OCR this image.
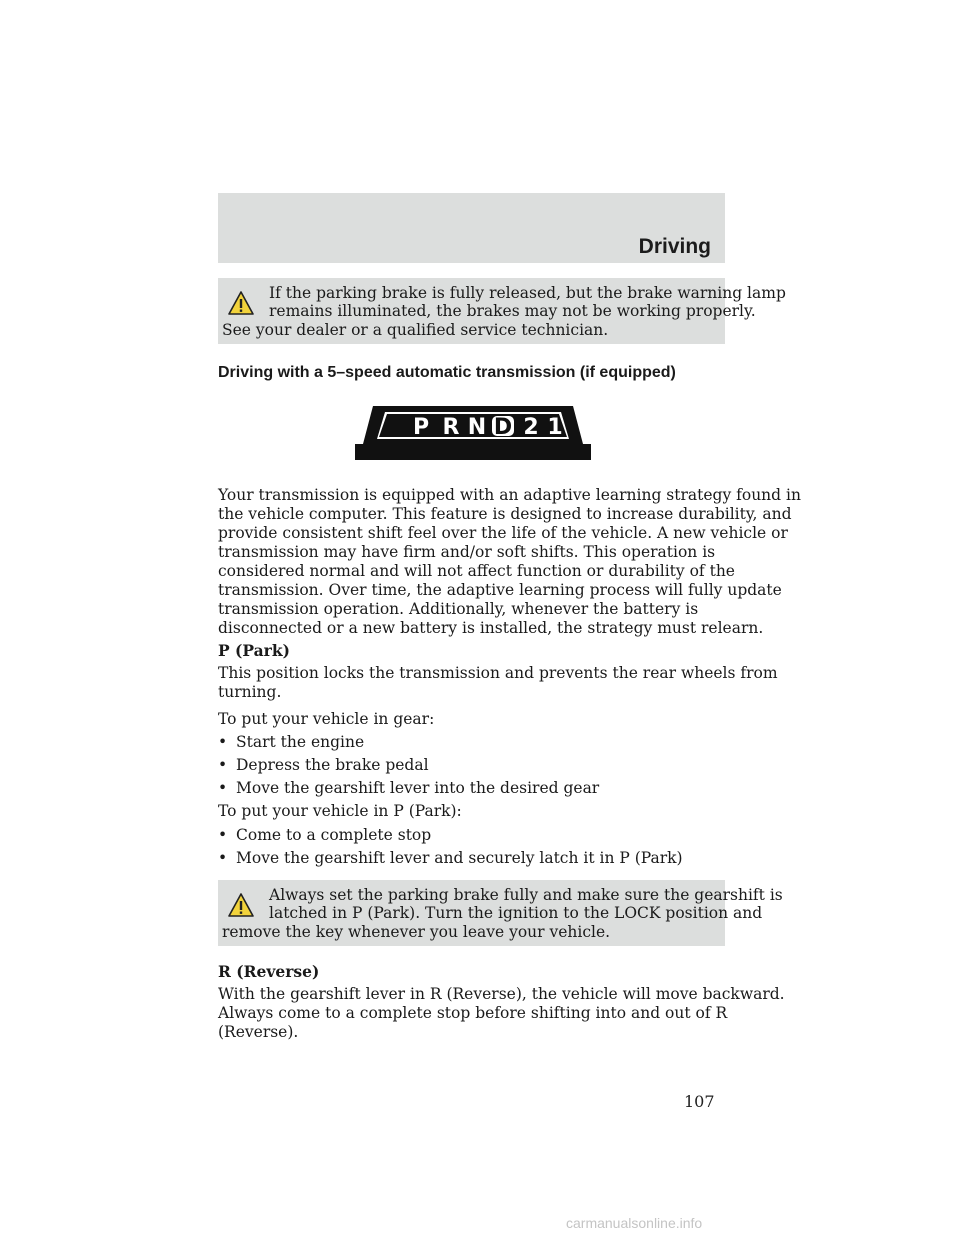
Driving
If the parking brake is fully released, but the brake warning lamp
remains illuminated, the brakes may not be working properly.
See your dealer or a qualified service technician.
Driving with a 5–speed automatic transmission (if equipped)
Your transmission is equipped with an adaptive learning strategy found in
the vehicle computer. This feature is designed to increase durability, and
provide consistent shift feel over the life of the vehicle. A new vehicle or
transmission may have firm and/or soft shifts. This operation is
considered normal and will not affect function or durability of the
transmission. Over time, the adaptive learning process will fully update
transmission operation. Additionally, whenever the battery is
disconnected or a new battery is installed, the strategy must relearn.
P (Park)
This position locks the transmission and prevents the rear wheels from
turning.
To put your vehicle in gear:
• Start the engine
• Depress the brake pedal
• Move the gearshift lever into the desired gear
To put your vehicle in P (Park):
• Come to a complete stop
• Move the gearshift lever and securely latch it in P (Park)
Always set the parking brake fully and make sure the gearshift is
latched in P (Park). Turn the ignition to the LOCK position and
remove the key whenever you leave your vehicle.
R (Reverse)
With the gearshift lever in R (Reverse), the vehicle will move backward.
Always come to a complete stop before shifting into and out of R
(Reverse).
P R N D 2 1
107
carmanualsonline.info
